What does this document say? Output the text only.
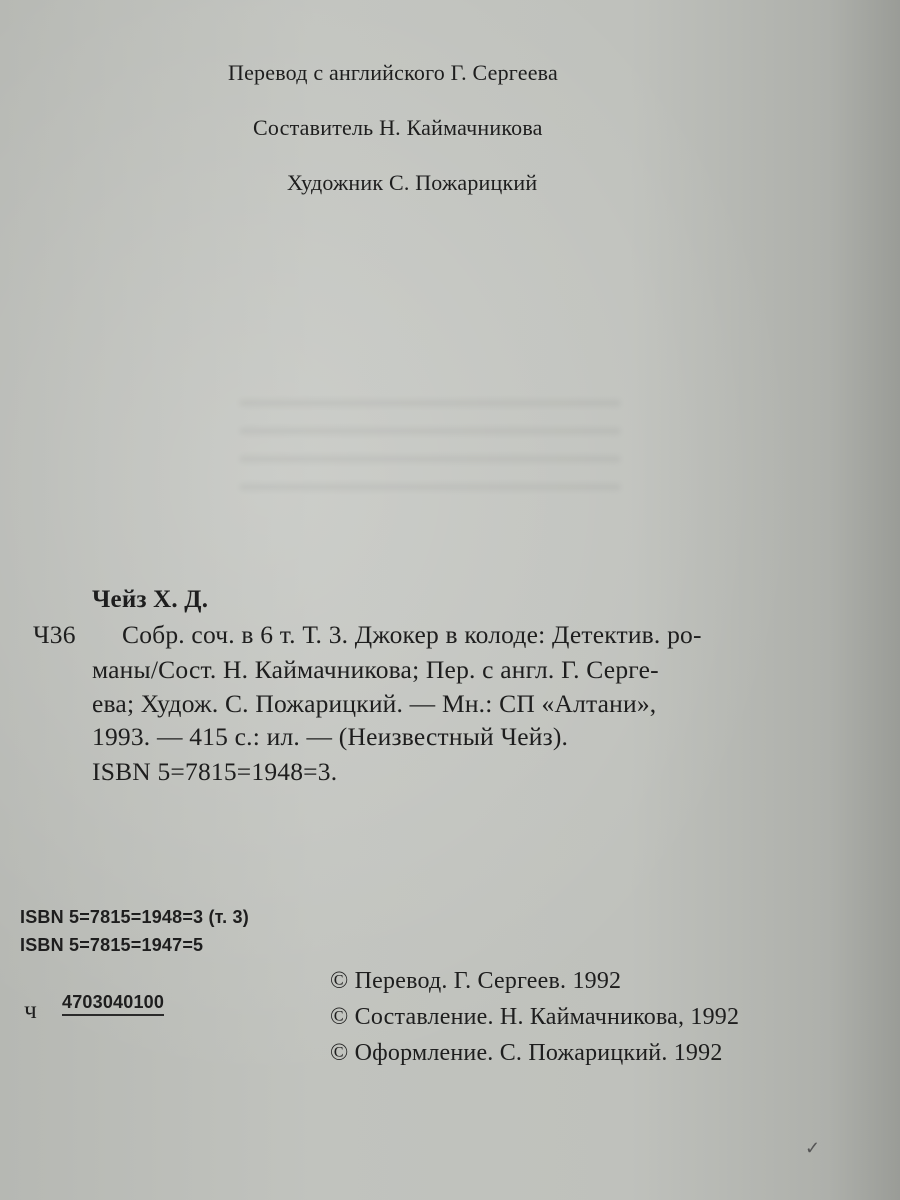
Перевод с английского Г. Сергеева
Составитель Н. Каймачникова
Художник С. Пожарицкий
Чейз Х. Д.
Ч36 Собр. соч. в 6 т. Т. 3. Джокер в колоде: Детектив. ро-
маны/Сост. Н. Каймачникова; Пер. с англ. Г. Серге-
ева; Худож. С. Пожарицкий. — Мн.: СП «Алтани»,
1993. — 415 с.: ил. — (Неизвестный Чейз).
ISBN 5=7815=1948=3.
ISBN 5=7815=1948=3 (т. 3)
ISBN 5=7815=1947=5
ч 4703040100
© Перевод. Г. Сергеев. 1992
© Составление. Н. Каймачникова, 1992
© Оформление. С. Пожарицкий. 1992
✓
